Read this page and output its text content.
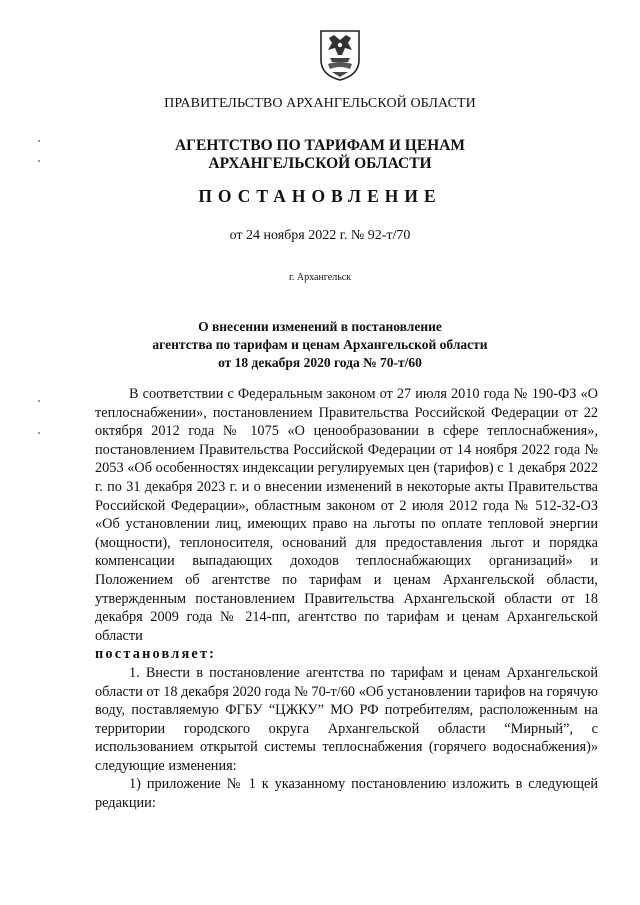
ПРАВИТЕЛЬСТВО АРХАНГЕЛЬСКОЙ ОБЛАСТИ
АГЕНТСТВО ПО ТАРИФАМ И ЦЕНАМ
АРХАНГЕЛЬСКОЙ ОБЛАСТИ
ПОСТАНОВЛЕНИЕ
от 24 ноября 2022 г. № 92-т/70
г. Архангельск
О внесении изменений в постановление
агентства по тарифам и ценам Архангельской области
от 18 декабря 2020 года № 70-т/60

В соответствии с Федеральным законом от 27 июля 2010 года № 190-ФЗ «О теплоснабжении», постановлением Правительства Российской Федерации от 22 октября 2012 года № 1075 «О ценообразовании в сфере теплоснабжения», постановлением Правительства Российской Федерации от 14 ноября 2022 года № 2053 «Об особенностях индексации регулируемых цен (тарифов) с 1 декабря 2022 г. по 31 декабря 2023 г. и о внесении изменений в некоторые акты Правительства Российской Федерации», областным законом от 2 июля 2012 года № 512-32-ОЗ «Об установлении лиц, имеющих право на льготы по оплате тепловой энергии (мощности), теплоносителя, оснований для предоставления льгот и порядка компенсации выпадающих доходов теплоснабжающих организаций» и Положением об агентстве по тарифам и ценам Архангельской области, утвержденным постановлением Правительства Архангельской области от 18 декабря 2009 года № 214-пп, агентство по тарифам и ценам Архангельской области

постановляет:

1. Внести в постановление агентства по тарифам и ценам Архангельской области от 18 декабря 2020 года № 70-т/60 «Об установлении тарифов на горячую воду, поставляемую ФГБУ “ЦЖКУ” МО РФ потребителям, расположенным на территории городского округа Архангельской области “Мирный”, с использованием открытой системы теплоснабжения (горячего водоснабжения)» следующие изменения:

1) приложение № 1 к указанному постановлению изложить в следующей редакции:
